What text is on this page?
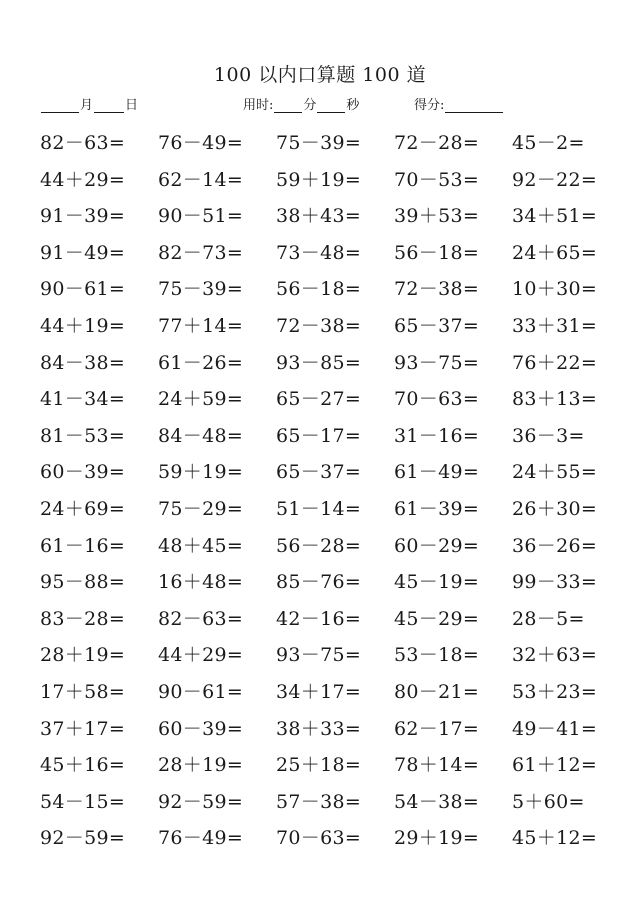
100 以内口算题 100 道
月 日	用时: 分 秒	得分:
82－63=	76－49=	75－39=	72－28=	45－2=
44＋29=	62－14=	59＋19=	70－53=	92－22=
91－39=	90－51=	38＋43=	39＋53=	34＋51=
91－49=	82－73=	73－48=	56－18=	24＋65=
90－61=	75－39=	56－18=	72－38=	10＋30=
44＋19=	77＋14=	72－38=	65－37=	33＋31=
84－38=	61－26=	93－85=	93－75=	76＋22=
41－34=	24＋59=	65－27=	70－63=	83＋13=
81－53=	84－48=	65－17=	31－16=	36－3=
60－39=	59＋19=	65－37=	61－49=	24＋55=
24＋69=	75－29=	51－14=	61－39=	26＋30=
61－16=	48＋45=	56－28=	60－29=	36－26=
95－88=	16＋48=	85－76=	45－19=	99－33=
83－28=	82－63=	42－16=	45－29=	28－5=
28＋19=	44＋29=	93－75=	53－18=	32＋63=
17＋58=	90－61=	34＋17=	80－21=	53＋23=
37＋17=	60－39=	38＋33=	62－17=	49－41=
45＋16=	28＋19=	25＋18=	78＋14=	61＋12=
54－15=	92－59=	57－38=	54－38=	5＋60=
92－59=	76－49=	70－63=	29＋19=	45＋12=
